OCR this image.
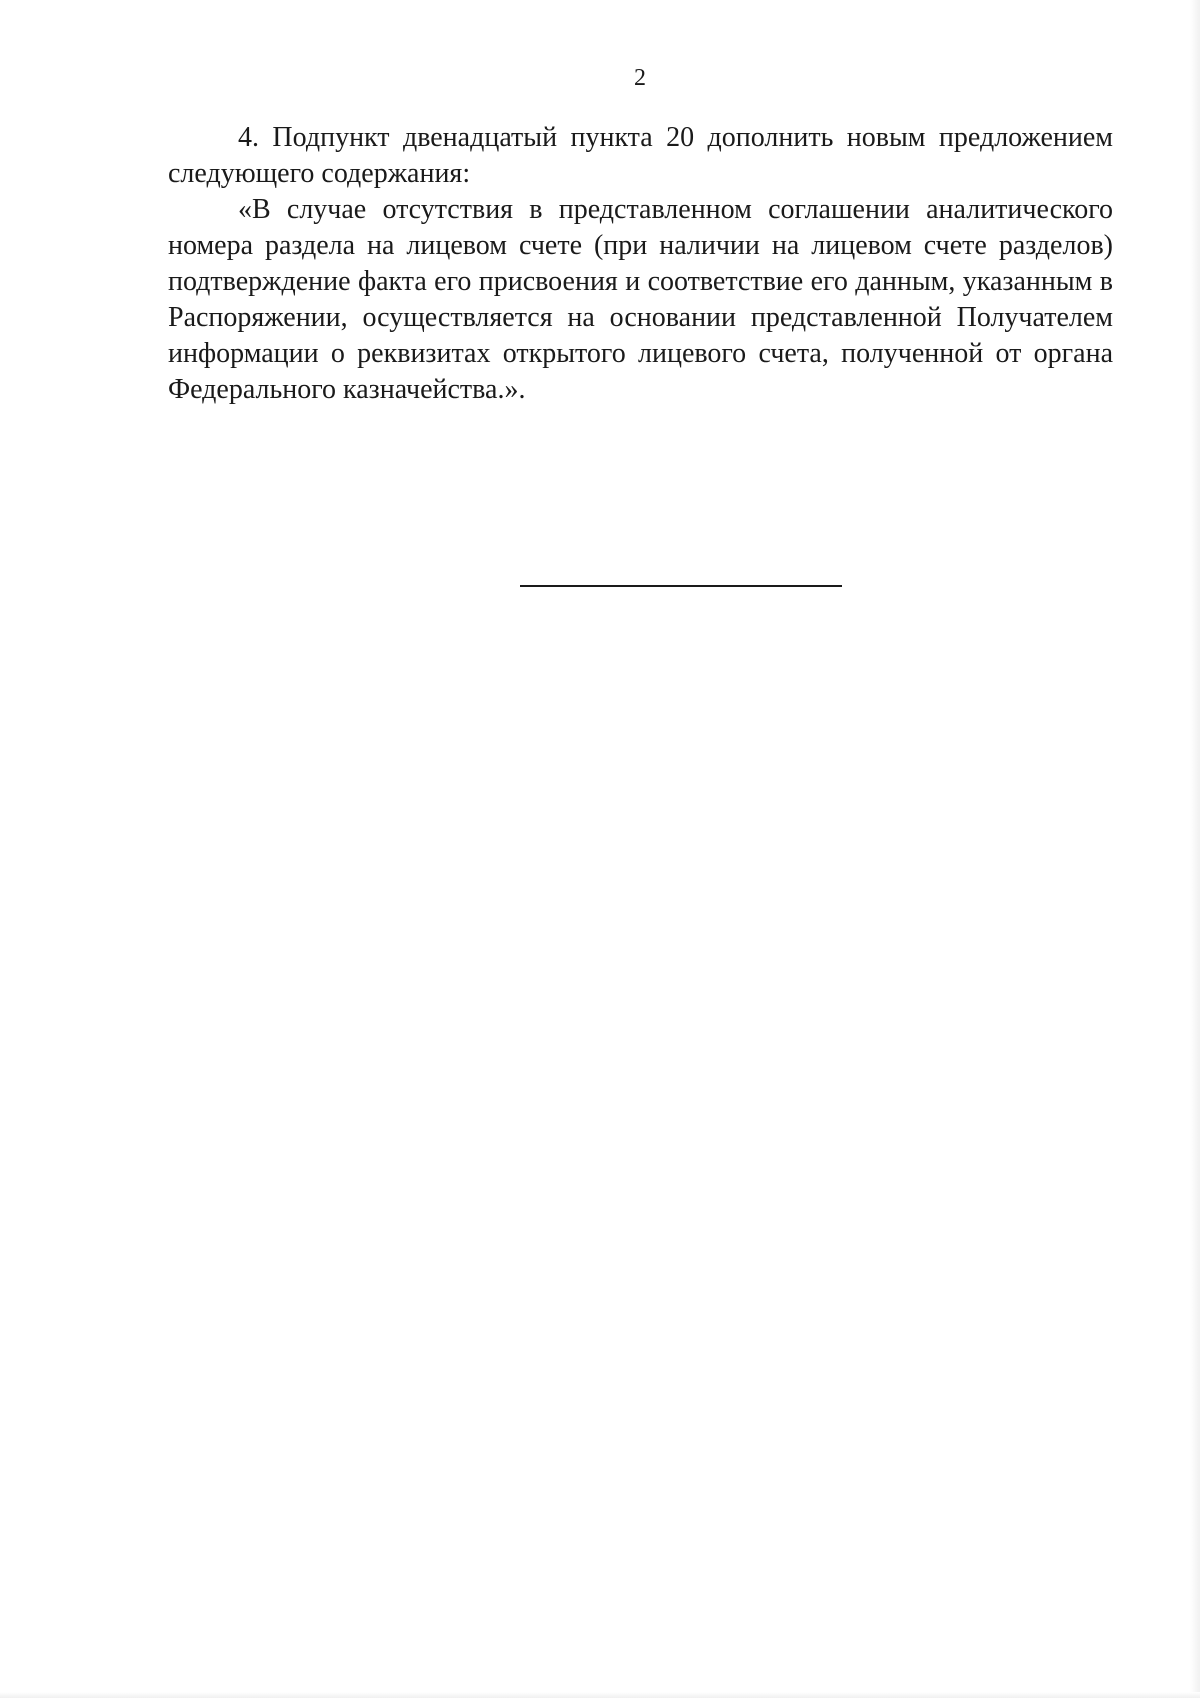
2

4. Подпункт двенадцатый пункта 20 дополнить новым предложением следующего содержания:

«В случае отсутствия в представленном соглашении аналитического номера раздела на лицевом счете (при наличии на лицевом счете разделов) подтверждение факта его присвоения и соответствие его данным, указанным в Распоряжении, осуществляется на основании представленной Получателем информации о реквизитах открытого лицевого счета, полученной от органа Федерального казначейства.».
